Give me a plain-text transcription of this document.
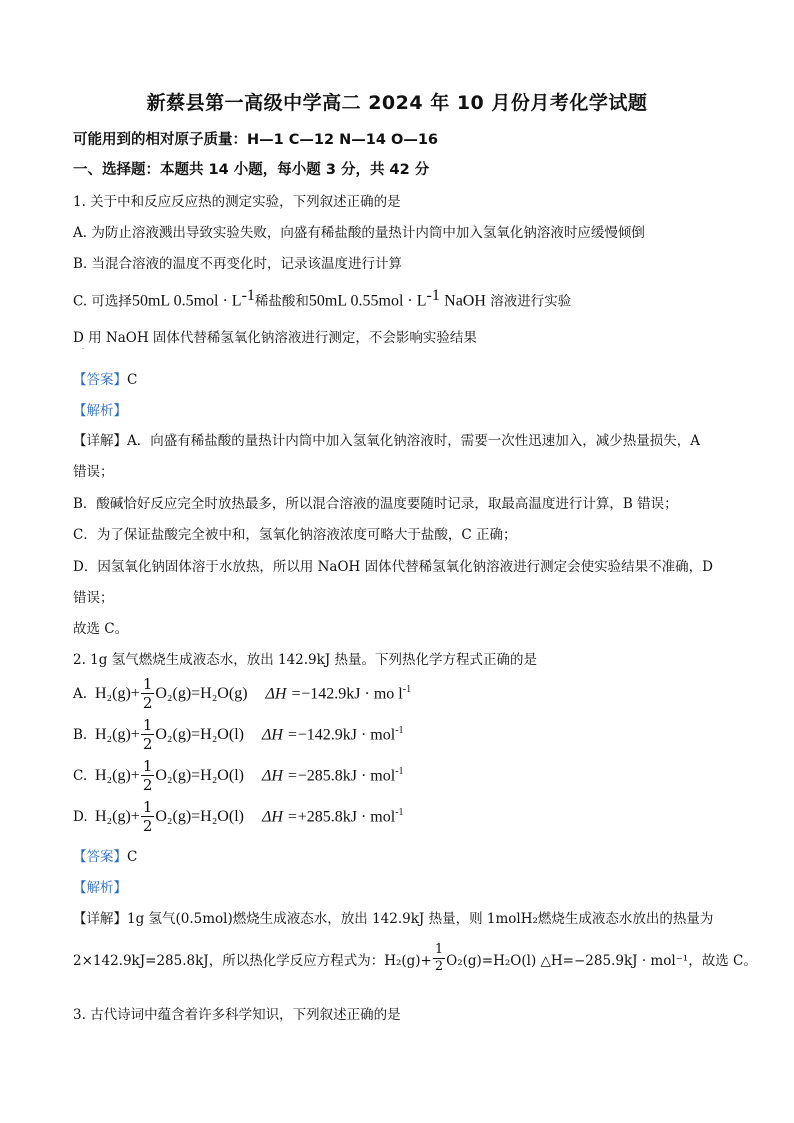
新蔡县第一高级中学高二 2024 年 10 月份月考化学试题
可能用到的相对原子质量：H—1 C—12 N—14 O—16
一、选择题：本题共 14 小题，每小题 3 分，共 42 分
1. 关于中和反应反应热的测定实验，下列叙述正确的是
A. 为防止溶液溅出导致实验失败，向盛有稀盐酸的量热计内筒中加入氢氧化钠溶液时应缓慢倾倒
B. 当混合溶液的温度不再变化时，记录该温度进行计算
C. 可选择50mL $0.5mol \cdot L^{-1}$稀盐酸和50mL $0.55mol \cdot L^{-1}$ NaOH 溶液进行实验
D 用 NaOH 固体代替稀氢氧化钠溶液进行测定，不会影响实验结果
·
【答案】C
【解析】
【详解】A．向盛有稀盐酸的量热计内筒中加入氢氧化钠溶液时，需要一次性迅速加入，减少热量损失，A
错误；
B．酸碱恰好反应完全时放热最多，所以混合溶液的温度要随时记录，取最高温度进行计算，B 错误；
C．为了保证盐酸完全被中和，氢氧化钠溶液浓度可略大于盐酸，C 正确；
D．因氢氧化钠固体溶于水放热，所以用 NaOH 固体代替稀氢氧化钠溶液进行测定会使实验结果不准确，D
错误；
故选 C。
2. 1g 氢气燃烧生成液态水，放出 142.9kJ 热量。下列热化学方程式正确的是
A. $H_2(g)+ \frac{1}{2} O_2(g)= H_2O(g)$ ΔH =−142.9kJ · mo $l^{-1}$
B. $H_2(g)+ \frac{1}{2} O_2(g)= H_2O(l)$ ΔH =−142.9kJ · mol$^{-1}$
C. $H_2(g)+ \frac{1}{2} O_2(g)= H_2O(l)$ ΔH =−285.8kJ · mol$^{-1}$
D. $H_2(g)+ \frac{1}{2} O_2(g)= H_2O(l)$ ΔH =+285.8kJ · mol$^{-1}$
【答案】C
【解析】
【详解】1g 氢气(0.5mol)燃烧生成液态水，放出 142.9kJ 热量，则 1molH₂燃烧生成液态水放出的热量为
2×142.9kJ=285.8kJ，所以热化学反应方程式为：$H_2(g)+ \frac{1}{2} O_2(g)=H_2O(l)$ △H=−285.9kJ · mol⁻¹，故选 C。
3. 古代诗词中蕴含着许多科学知识，下列叙述正确的是
